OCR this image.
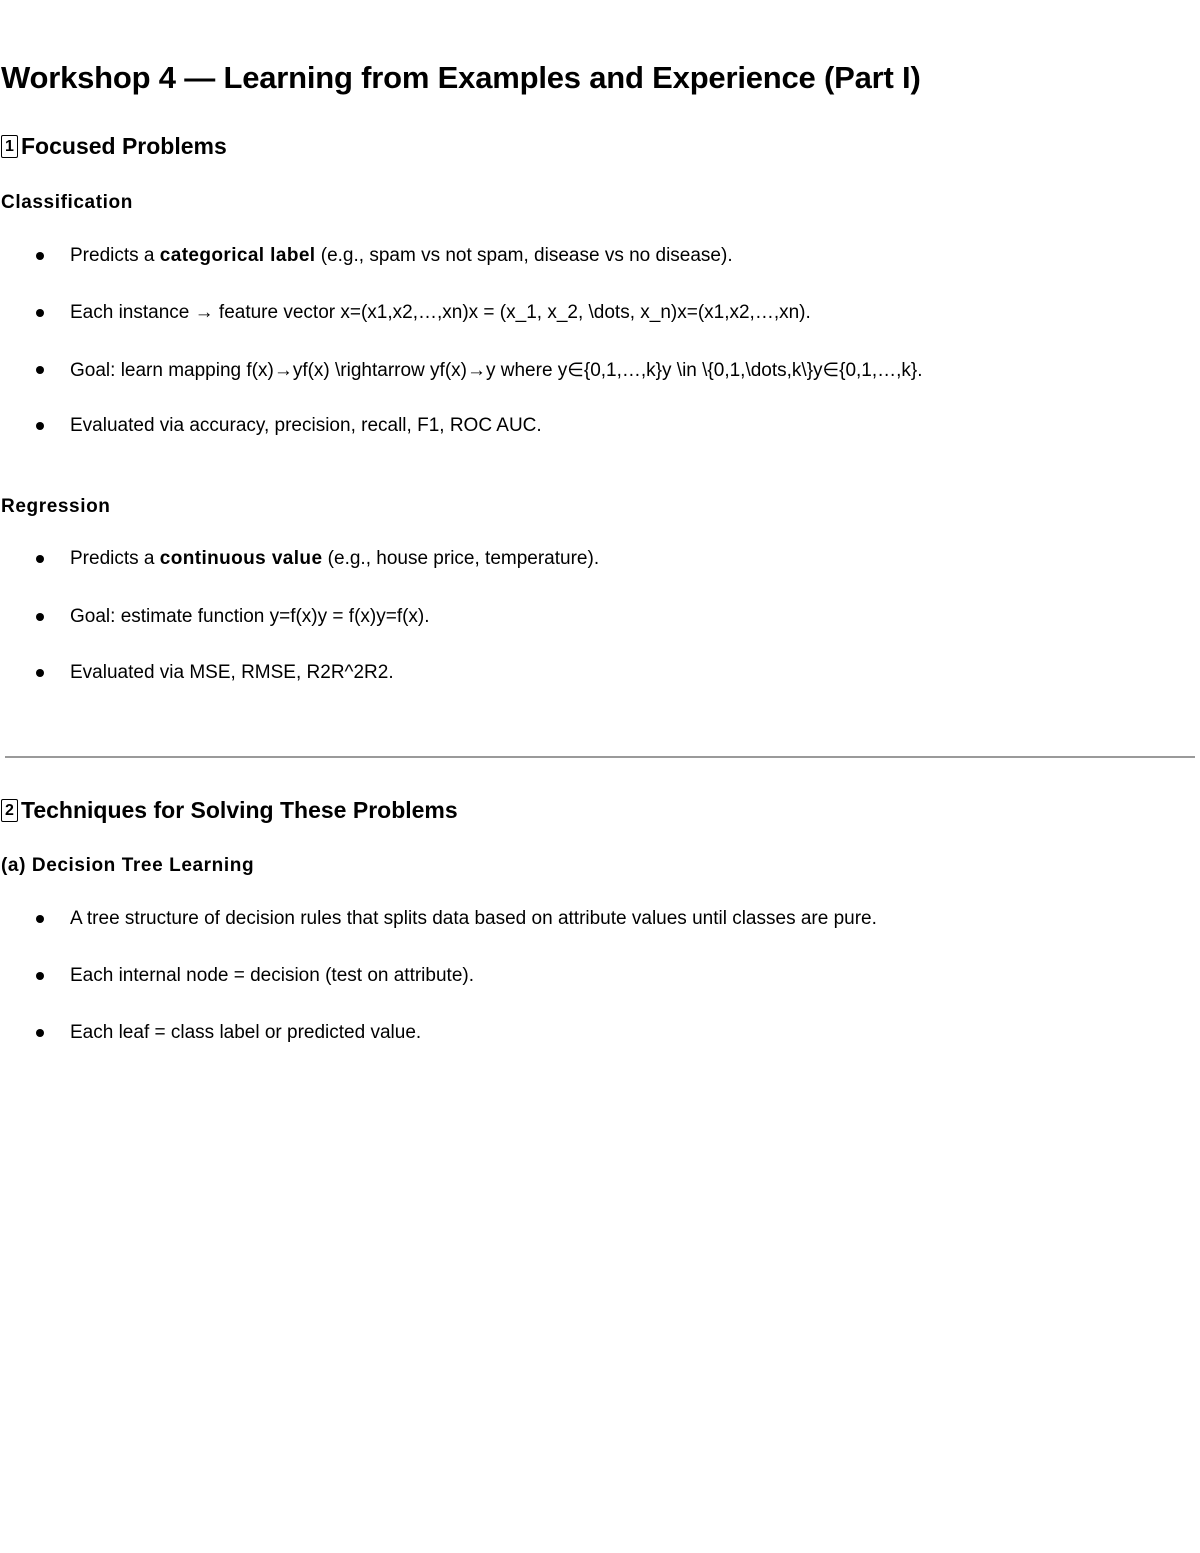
Workshop 4 — Learning from Examples and Experience (Part I)
1 Focused Problems
Classification
Predicts a categorical label (e.g., spam vs not spam, disease vs no disease).
Each instance → feature vector x=(x1,x2,…,xn)x = (x_1, x_2, \dots, x_n)x=(x1​,x2​,…,xn​).
Goal: learn mapping f(x)→yf(x) \rightarrow yf(x)→y where y∈{0,1,…,k}y \in \{0,1,\dots,k\}y∈{0,1,…,k}.
Evaluated via accuracy, precision, recall, F1, ROC AUC.
Regression
Predicts a continuous value (e.g., house price, temperature).
Goal: estimate function y=f(x)y = f(x)y=f(x).
Evaluated via MSE, RMSE, R2R^2R2.
2 Techniques for Solving These Problems
(a) Decision Tree Learning
A tree structure of decision rules that splits data based on attribute values until classes are pure.
Each internal node = decision (test on attribute).
Each leaf = class label or predicted value.
